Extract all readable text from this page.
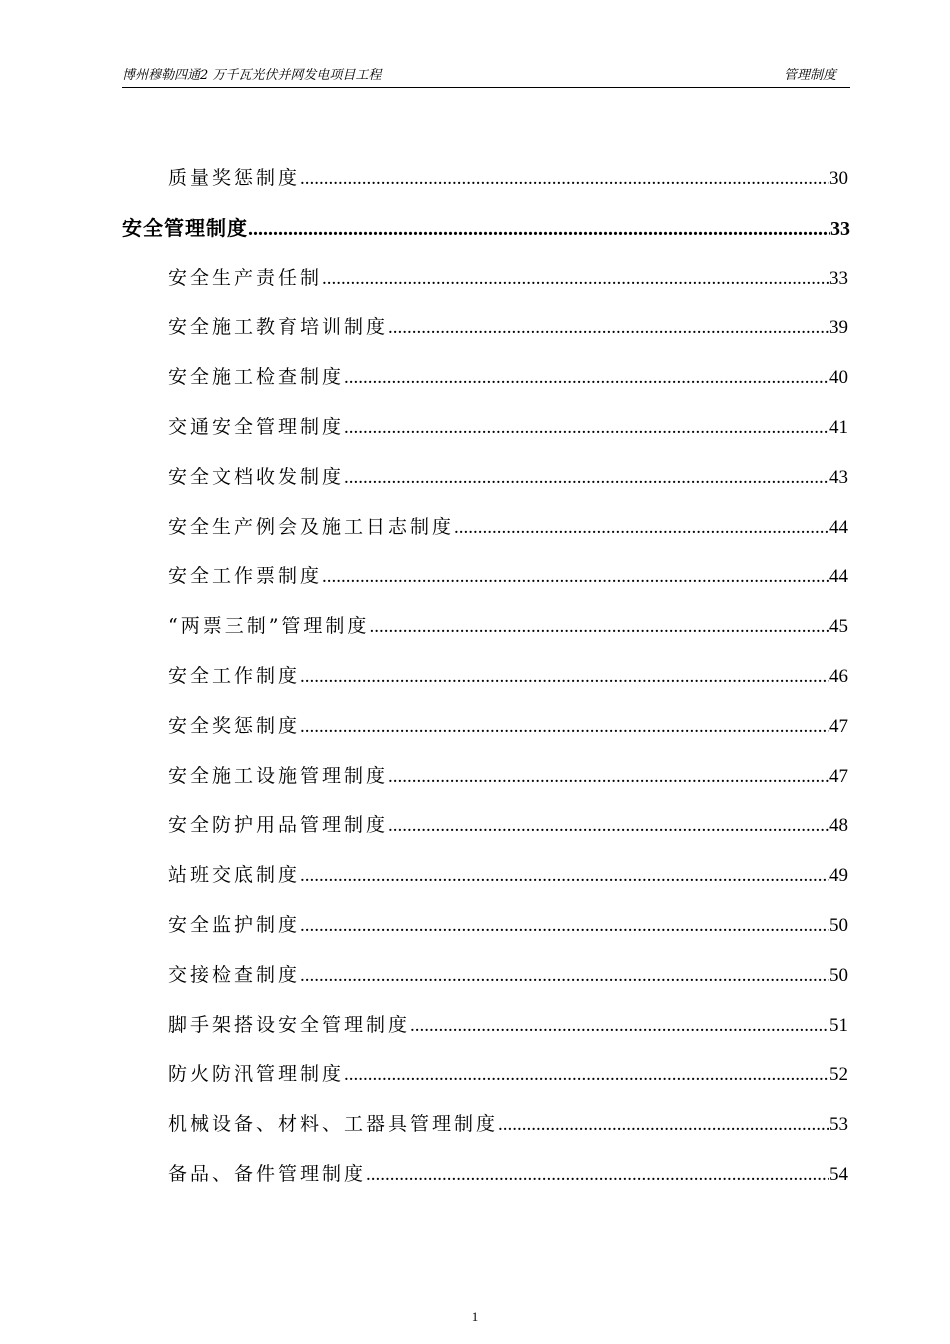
博州穆勒四通2 万千瓦光伏并网发电项目工程	管理制度
质量奖惩制度 .....	30
安全管理制度 .....	33
安全生产责任制 .....	33
安全施工教育培训制度 .....	39
安全施工检查制度 .....	40
交通安全管理制度 .....	41
安全文档收发制度 .....	43
安全生产例会及施工日志制度 .....	44
安全工作票制度 .....	44
“两票三制”管理制度 .....	45
安全工作制度 .....	46
安全奖惩制度 .....	47
安全施工设施管理制度 .....	47
安全防护用品管理制度 .....	48
站班交底制度 .....	49
安全监护制度 .....	50
交接检查制度 .....	50
脚手架搭设安全管理制度 .....	51
防火防汛管理制度 .....	52
机械设备、材料、工器具管理制度 .....	53
备品、备件管理制度 .....	54
1
